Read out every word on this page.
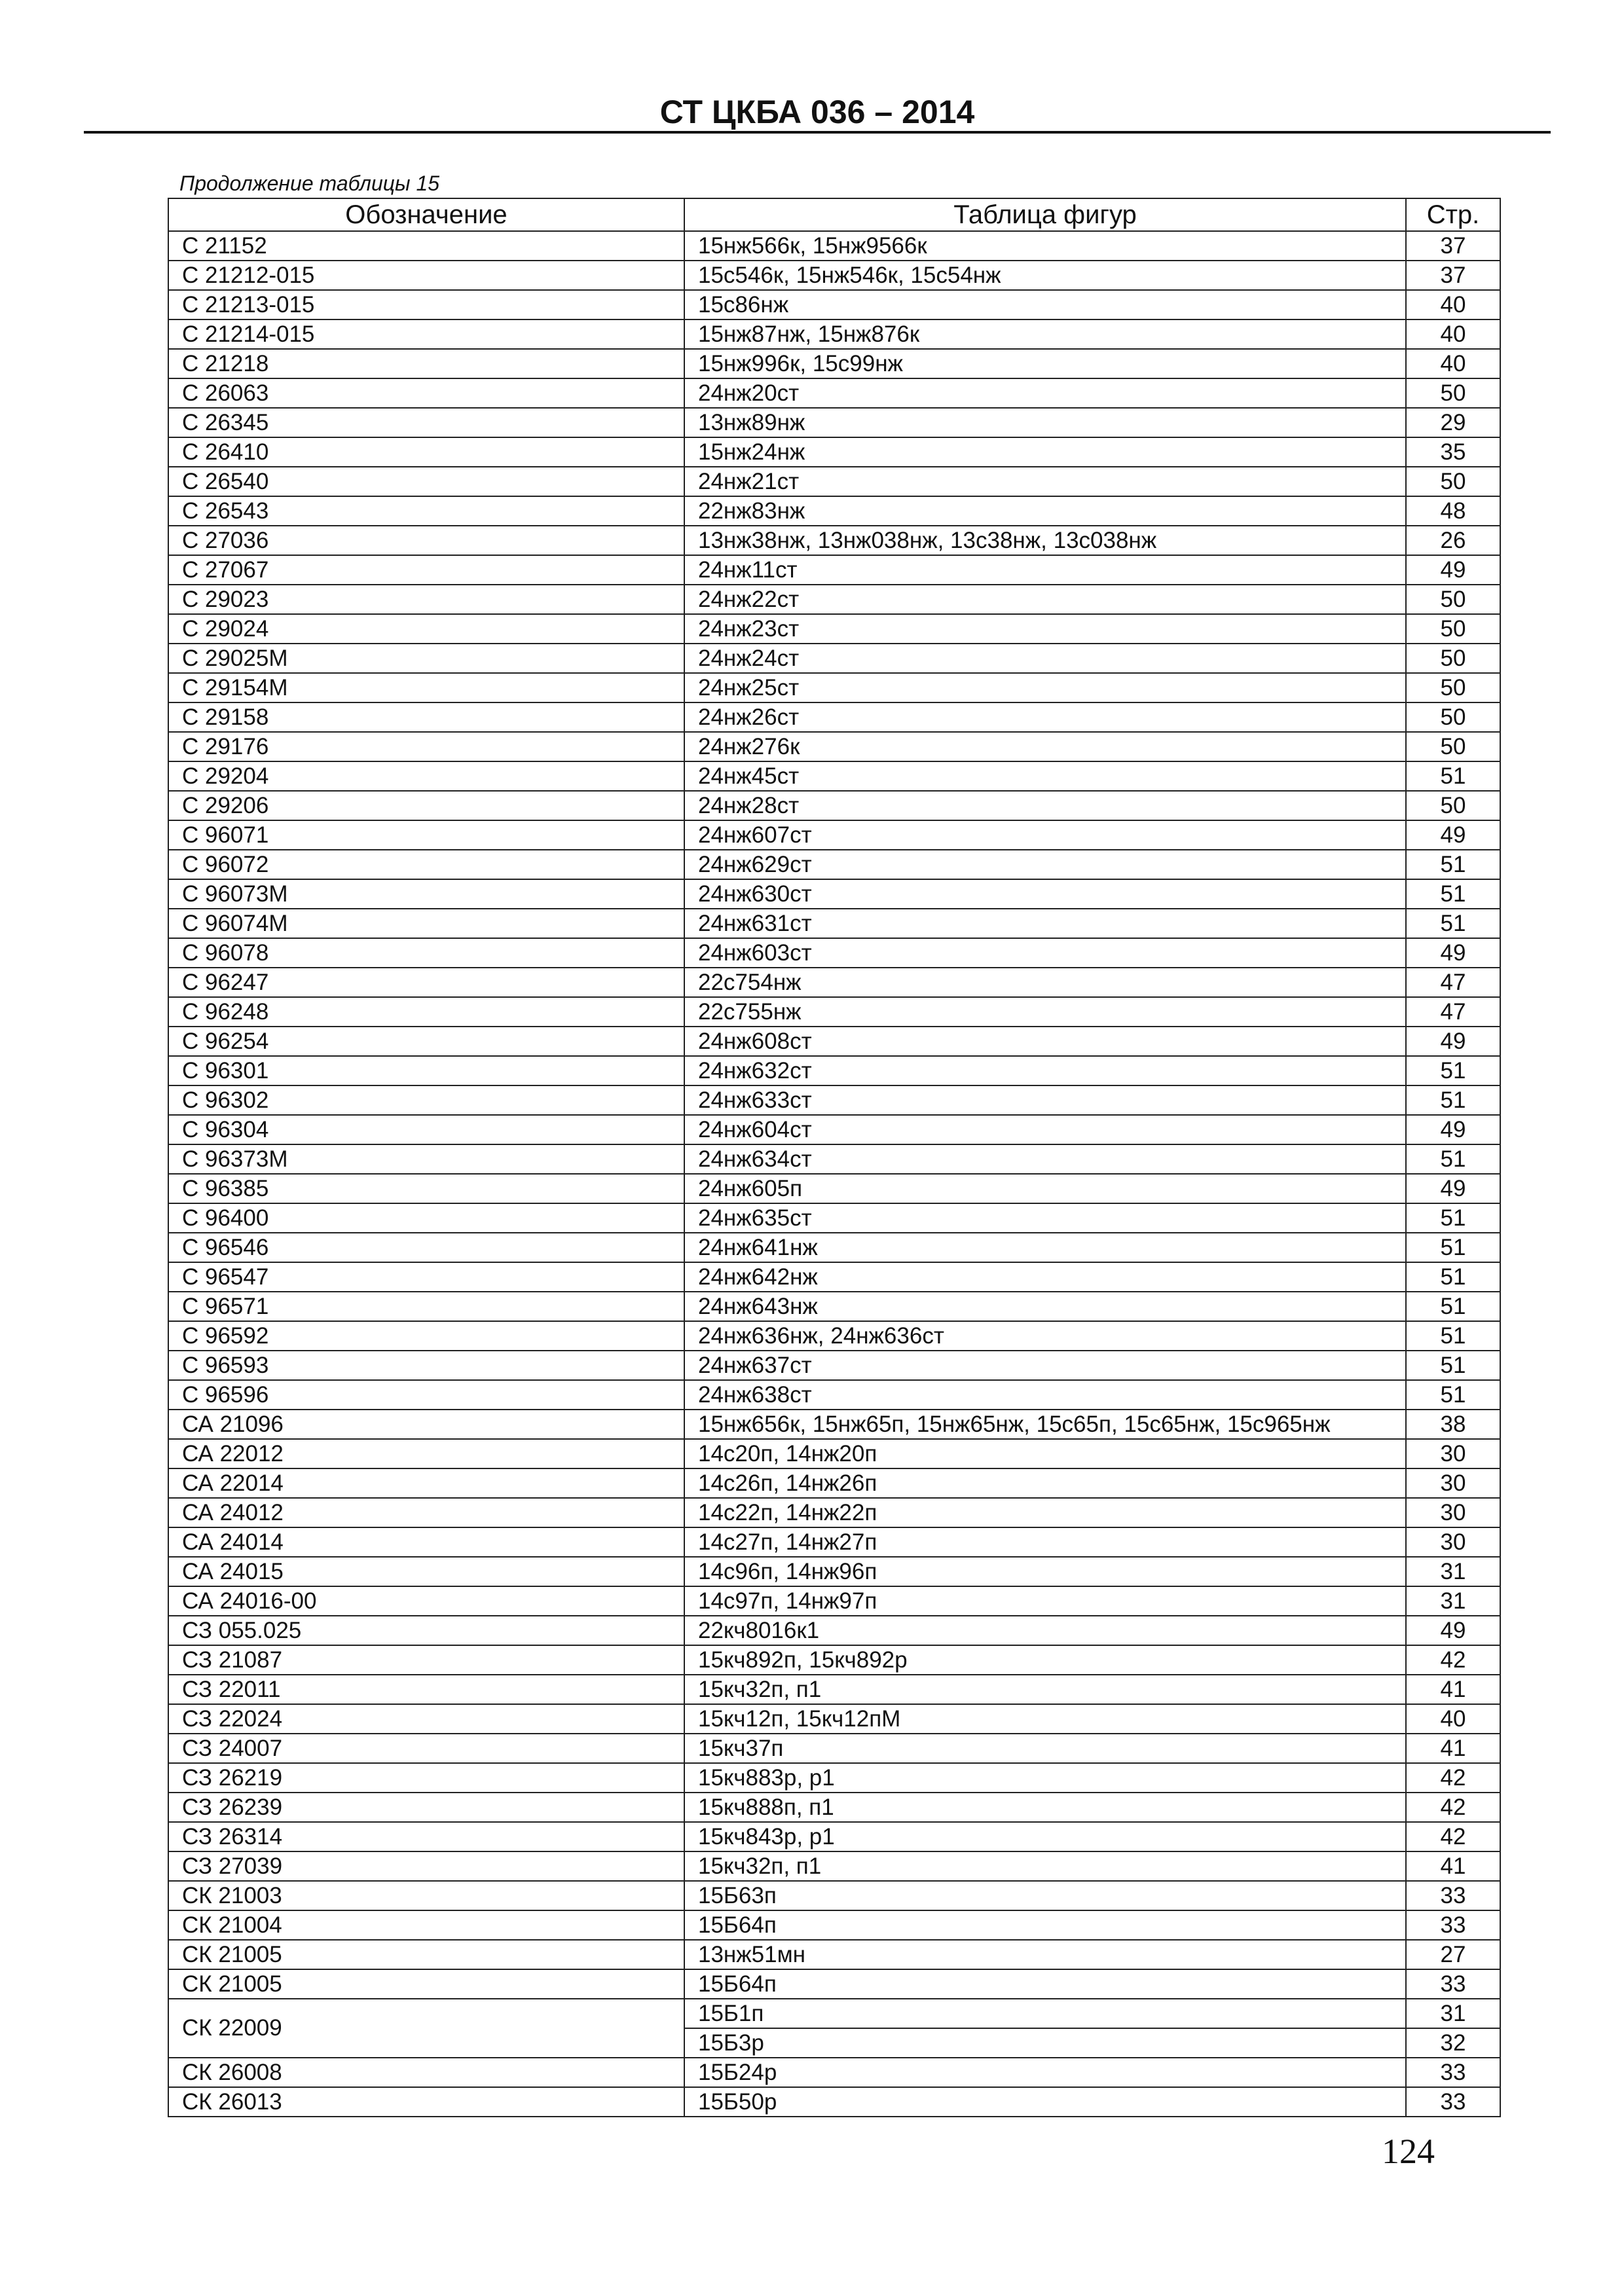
СТ ЦКБА 036 – 2014
Продолжение таблицы 15
Обозначение	Таблица фигур	Стр.
С 21152	15нж566к, 15нж9566к	37
С 21212-015	15с546к, 15нж546к, 15с54нж	37
С 21213-015	15с86нж	40
С 21214-015	15нж87нж, 15нж876к	40
С 21218	15нж996к, 15с99нж	40
С 26063	24нж20ст	50
С 26345	13нж89нж	29
С 26410	15нж24нж	35
С 26540	24нж21ст	50
С 26543	22нж83нж	48
С 27036	13нж38нж, 13нж038нж, 13с38нж, 13с038нж	26
С 27067	24нж11ст	49
С 29023	24нж22ст	50
С 29024	24нж23ст	50
С 29025М	24нж24ст	50
С 29154М	24нж25ст	50
С 29158	24нж26ст	50
С 29176	24нж276к	50
С 29204	24нж45ст	51
С 29206	24нж28ст	50
С 96071	24нж607ст	49
С 96072	24нж629ст	51
С 96073М	24нж630ст	51
С 96074М	24нж631ст	51
С 96078	24нж603ст	49
С 96247	22с754нж	47
С 96248	22с755нж	47
С 96254	24нж608ст	49
С 96301	24нж632ст	51
С 96302	24нж633ст	51
С 96304	24нж604ст	49
С 96373М	24нж634ст	51
С 96385	24нж605п	49
С 96400	24нж635ст	51
С 96546	24нж641нж	51
С 96547	24нж642нж	51
С 96571	24нж643нж	51
С 96592	24нж636нж, 24нж636ст	51
С 96593	24нж637ст	51
С 96596	24нж638ст	51
СА 21096	15нж656к, 15нж65п, 15нж65нж, 15с65п, 15с65нж, 15с965нж	38
СА 22012	14с20п, 14нж20п	30
СА 22014	14с26п, 14нж26п	30
СА 24012	14с22п, 14нж22п	30
СА 24014	14с27п, 14нж27п	30
СА 24015	14с96п, 14нж96п	31
СА 24016-00	14с97п, 14нж97п	31
СЗ 055.025	22кч8016к1	49
СЗ 21087	15кч892п, 15кч892р	42
СЗ 22011	15кч32п, п1	41
СЗ 22024	15кч12п, 15кч12пМ	40
СЗ 24007	15кч37п	41
СЗ 26219	15кч883р, р1	42
СЗ 26239	15кч888п, п1	42
СЗ 26314	15кч843р, р1	42
СЗ 27039	15кч32п, п1	41
СК 21003	15Б63п	33
СК 21004	15Б64п	33
СК 21005	13нж51мн	27
СК 21005	15Б64п	33
СК 22009	15Б1п	31
	15Б3р	32
СК 26008	15Б24р	33
СК 26013	15Б50р	33
124
